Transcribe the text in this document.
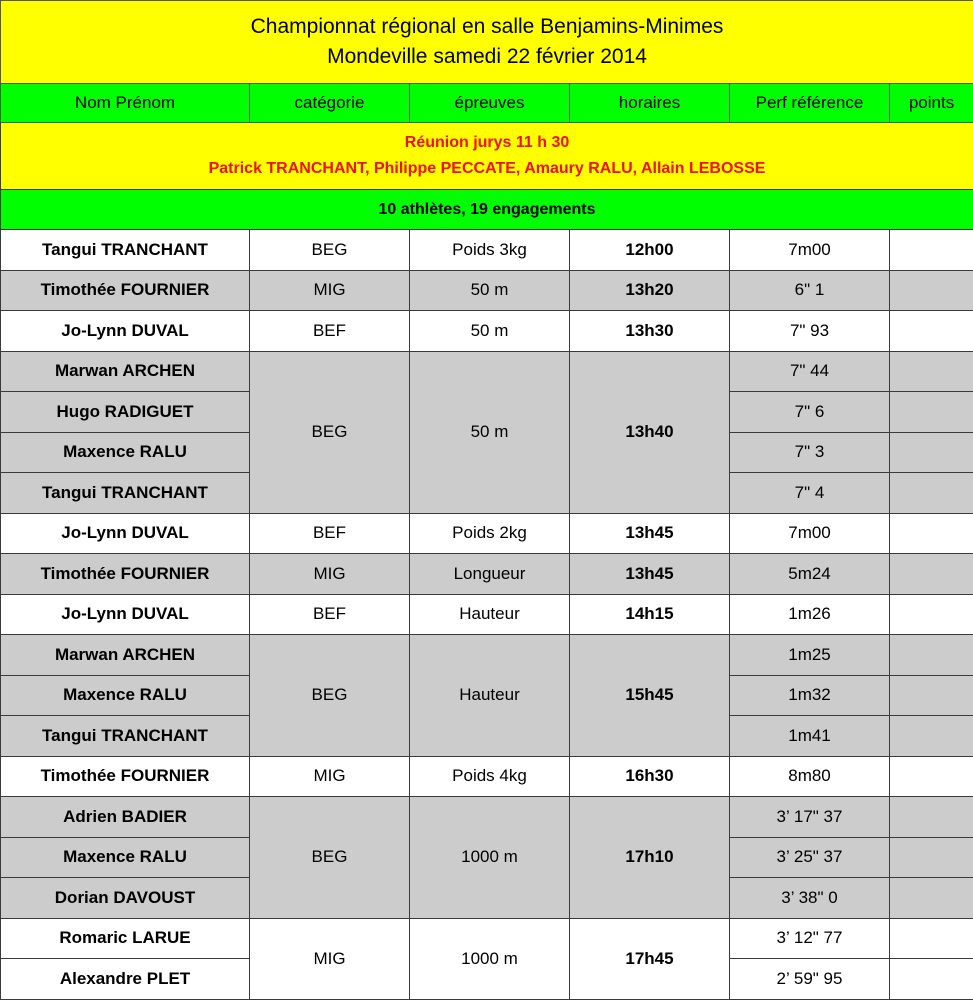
Championnat régional en salle Benjamins-Minimes
Mondeville samedi 22 février 2014					

Nom Prénom	catégorie	épreuves	horaires	Perf référence	points

Réunion jurys 11 h 30
Patrick TRANCHANT, Philippe PECCATE, Amaury RALU, Allain LEBOSSE					

10 athlètes, 19 engagements					
Tangui TRANCHANT	BEG	Poids 3kg	12h00	7m00	
Timothée FOURNIER	MIG	50 m	13h20	6" 1	
Jo-Lynn DUVAL	BEF	50 m	13h30	7" 93	
Marwan ARCHEN	BEG	50 m	13h40	7" 44	
Hugo RADIGUET				7" 6	
Maxence RALU				7" 3	
Tangui TRANCHANT				7" 4	
Jo-Lynn DUVAL	BEF	Poids 2kg	13h45	7m00	
Timothée FOURNIER	MIG	Longueur	13h45	5m24	
Jo-Lynn DUVAL	BEF	Hauteur	14h15	1m26	
Marwan ARCHEN	BEG	Hauteur	15h45	1m25	
Maxence RALU				1m32	
Tangui TRANCHANT				1m41	
Timothée FOURNIER	MIG	Poids 4kg	16h30	8m80	
Adrien BADIER	BEG	1000 m	17h10	3’ 17" 37	
Maxence RALU				3’ 25" 37	
Dorian DAVOUST				3’ 38" 0	
Romaric LARUE	MIG	1000 m	17h45	3’ 12" 77	
Alexandre PLET				2’ 59" 95	
